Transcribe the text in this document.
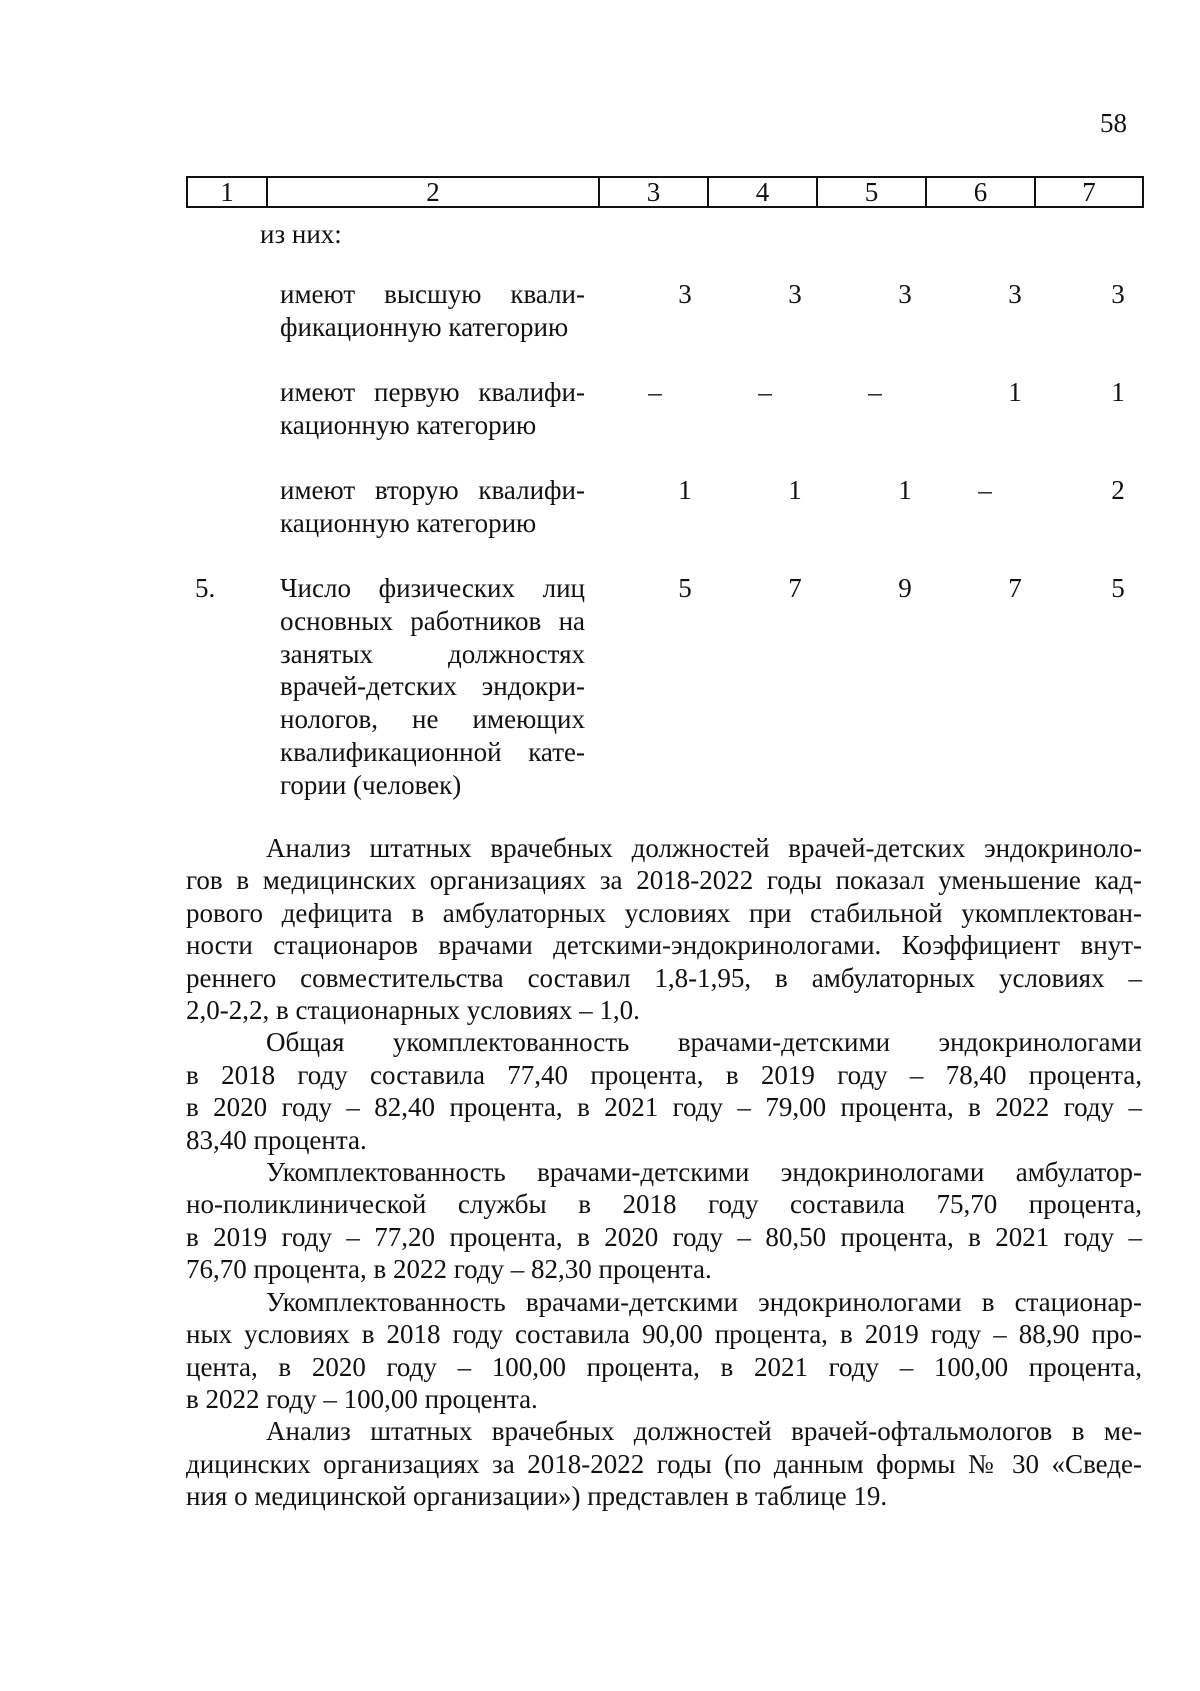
58
1	2	3	4	5	6	7
из них:
имеют высшую квали-
фикационную категорию
3	3	3	3	3
имеют первую квалифи-
кационную категорию
–	–	–	1	1
имеют вторую квалифи-
кационную категорию
1	1	1	–	2
5. Число физических лиц
основных работников на
занятых должностях
врачей-детских эндокри-
нологов, не имеющих
квалификационной кате-
гории (человек)
5	7	9	7	5

Анализ штатных врачебных должностей врачей-детских эндокриноло-
гов в медицинских организациях за 2018-2022 годы показал уменьшение кад-
рового дефицита в амбулаторных условиях при стабильной укомплектован-
ности стационаров врачами детскими-эндокринологами. Коэффициент внут-
реннего совместительства составил 1,8-1,95, в амбулаторных условиях –
2,0-2,2, в стационарных условиях – 1,0.

Общая укомплектованность врачами-детскими эндокринологами
в 2018 году составила 77,40 процента, в 2019 году – 78,40 процента,
в 2020 году – 82,40 процента, в 2021 году – 79,00 процента, в 2022 году –
83,40 процента.

Укомплектованность врачами-детскими эндокринологами амбулатор-
но-поликлинической службы в 2018 году составила 75,70 процента,
в 2019 году – 77,20 процента, в 2020 году – 80,50 процента, в 2021 году –
76,70 процента, в 2022 году – 82,30 процента.

Укомплектованность врачами-детскими эндокринологами в стационар-
ных условиях в 2018 году составила 90,00 процента, в 2019 году – 88,90 про-
цента, в 2020 году – 100,00 процента, в 2021 году – 100,00 процента,
в 2022 году – 100,00 процента.

Анализ штатных врачебных должностей врачей-офтальмологов в ме-
дицинских организациях за 2018-2022 годы (по данным формы № 30 «Сведе-
ния о медицинской организации») представлен в таблице 19.
